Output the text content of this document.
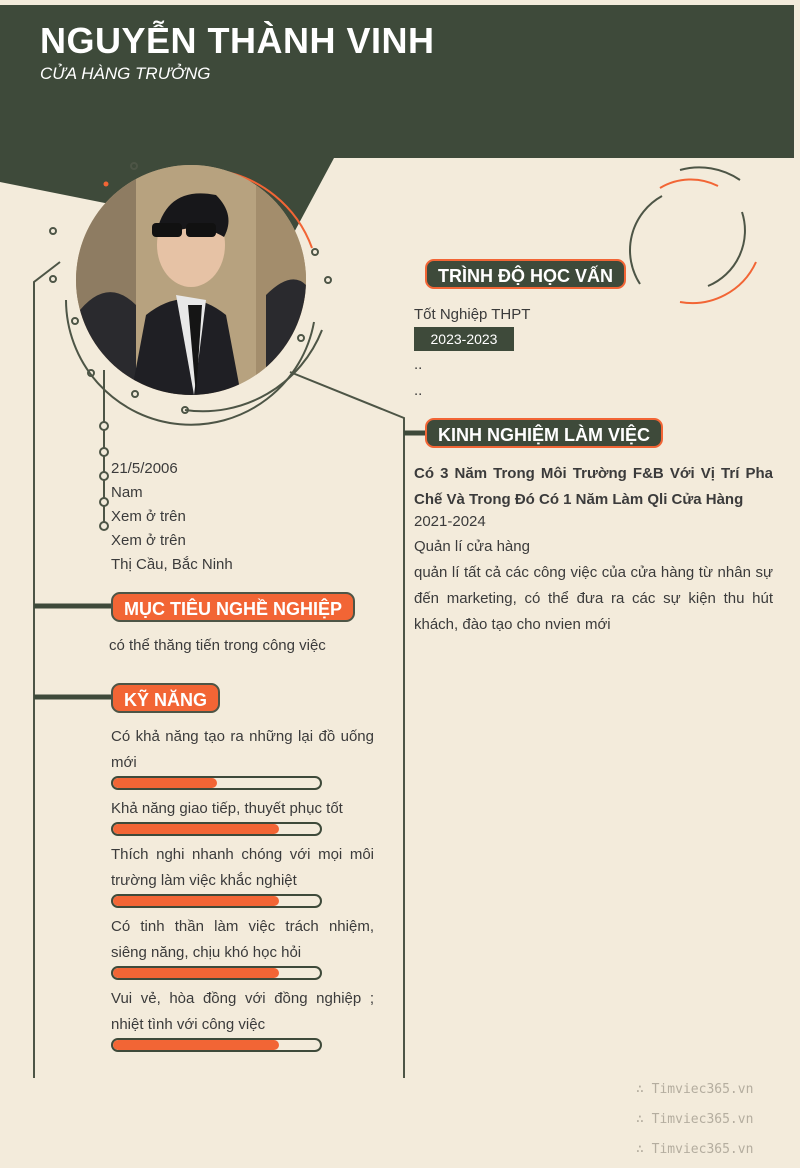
NGUYỄN THÀNH VINH

CỬA HÀNG TRƯỞNG

21/5/2006
Nam
Xem ở trên
Xem ở trên
Thị Cầu, Bắc Ninh
MỤC TIÊU NGHỀ NGHIỆP
có thể thăng tiến trong công việc
KỸ NĂNG
Có khả năng tạo ra những lại đồ uống mới
Khả năng giao tiếp, thuyết phục tốt
Thích nghi nhanh chóng với mọi môi trường làm việc khắc nghiệt
Có tinh thần làm việc trách nhiệm, siêng năng, chịu khó học hỏi
Vui vẻ, hòa đồng với đồng nghiệp ; nhiệt tình với công việc
TRÌNH ĐỘ HỌC VẤN
Tốt Nghiệp THPT
2023-2023
..
..
KINH NGHIỆM LÀM VIỆC
Có 3 Năm Trong Môi Trường F&B Với Vị Trí Pha Chế Và Trong Đó Có 1 Năm Làm Qli Cửa Hàng
2021-2024
Quản lí cửa hàng
quản lí tất cả các công việc của cửa hàng từ nhân sự đến marketing, có thể đưa ra các sự kiện thu hút khách, đào tạo cho nvien mới
∴ Timviec365.vn
∴ Timviec365.vn
∴ Timviec365.vn
